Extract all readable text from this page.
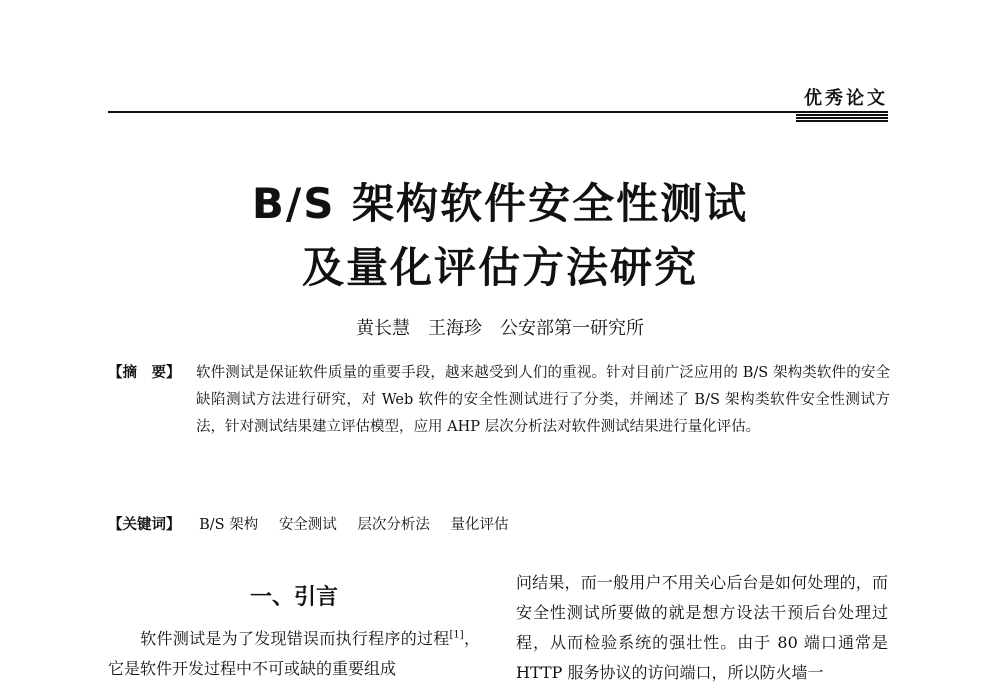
优秀论文
B/S 架构软件安全性测试
及量化评估方法研究
黄长慧　王海珍　公安部第一研究所
【摘　要】 软件测试是保证软件质量的重要手段，越来越受到人们的重视。针对目前广泛应用的 B/S 架构类软件的安全缺陷测试方法进行研究，对 Web 软件的安全性测试进行了分类，并阐述了 B/S 架构类软件安全性测试方法，针对测试结果建立评估模型，应用 AHP 层次分析法对软件测试结果进行量化评估。
【关键词】 B/S 架构 安全测试 层次分析法 量化评估
一、引言
软件测试是为了发现错误而执行程序的过程[1]，它是软件开发过程中不可或缺的重要组成
问结果，而一般用户不用关心后台是如何处理的，而安全性测试所要做的就是想方设法干预后台处理过程，从而检验系统的强壮性。由于 80 端口通常是 HTTP 服务协议的访问端口，所以防火墙一
